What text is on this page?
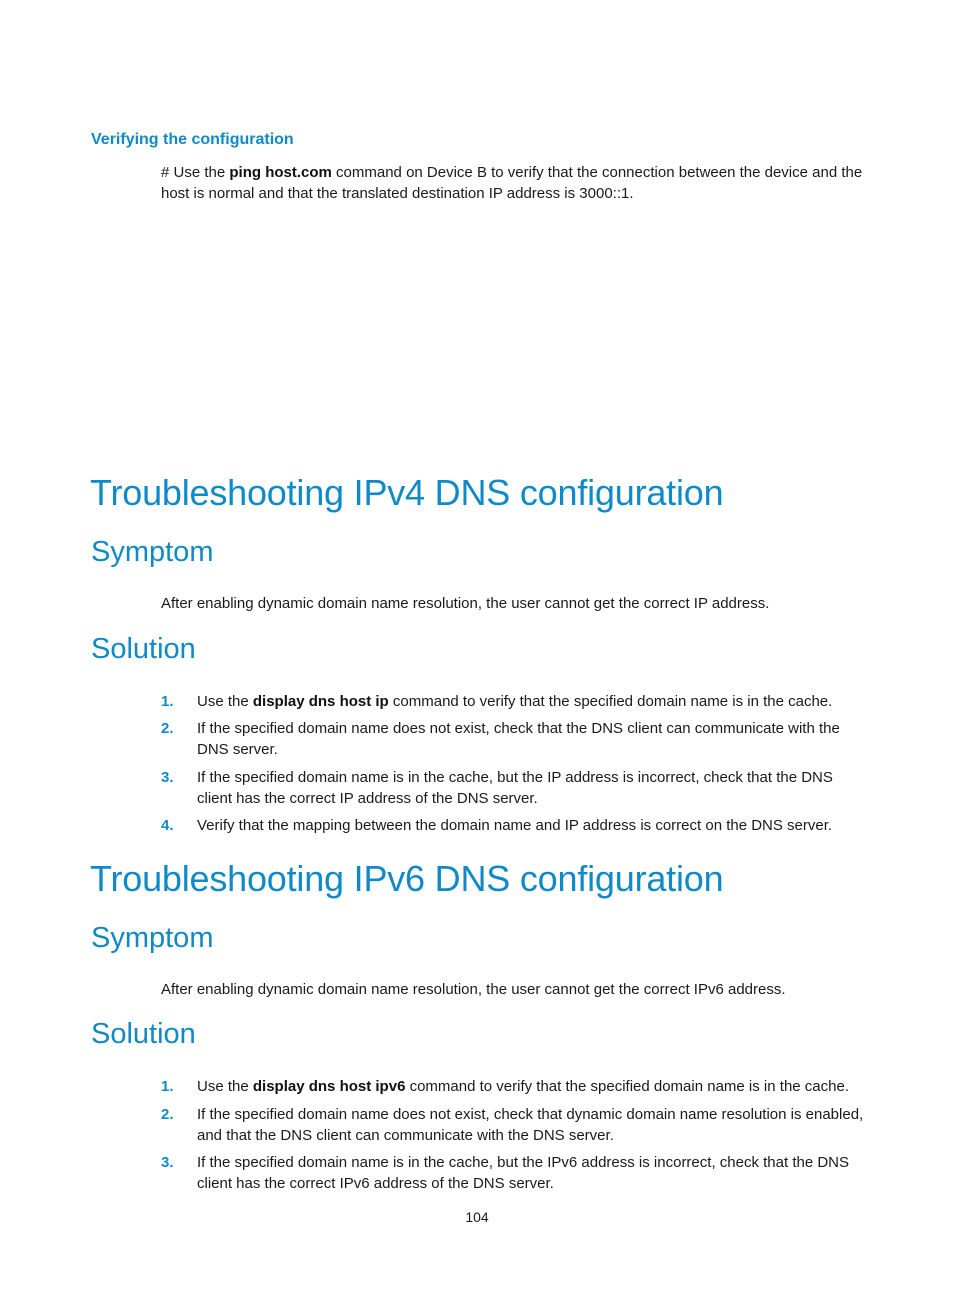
Verifying the configuration
# Use the ping host.com command on Device B to verify that the connection between the device and the host is normal and that the translated destination IP address is 3000::1.
Troubleshooting IPv4 DNS configuration
Symptom
After enabling dynamic domain name resolution, the user cannot get the correct IP address.
Solution
1. Use the display dns host ip command to verify that the specified domain name is in the cache.
2. If the specified domain name does not exist, check that the DNS client can communicate with the DNS server.
3. If the specified domain name is in the cache, but the IP address is incorrect, check that the DNS client has the correct IP address of the DNS server.
4. Verify that the mapping between the domain name and IP address is correct on the DNS server.
Troubleshooting IPv6 DNS configuration
Symptom
After enabling dynamic domain name resolution, the user cannot get the correct IPv6 address.
Solution
1. Use the display dns host ipv6 command to verify that the specified domain name is in the cache.
2. If the specified domain name does not exist, check that dynamic domain name resolution is enabled, and that the DNS client can communicate with the DNS server.
3. If the specified domain name is in the cache, but the IPv6 address is incorrect, check that the DNS client has the correct IPv6 address of the DNS server.
104
